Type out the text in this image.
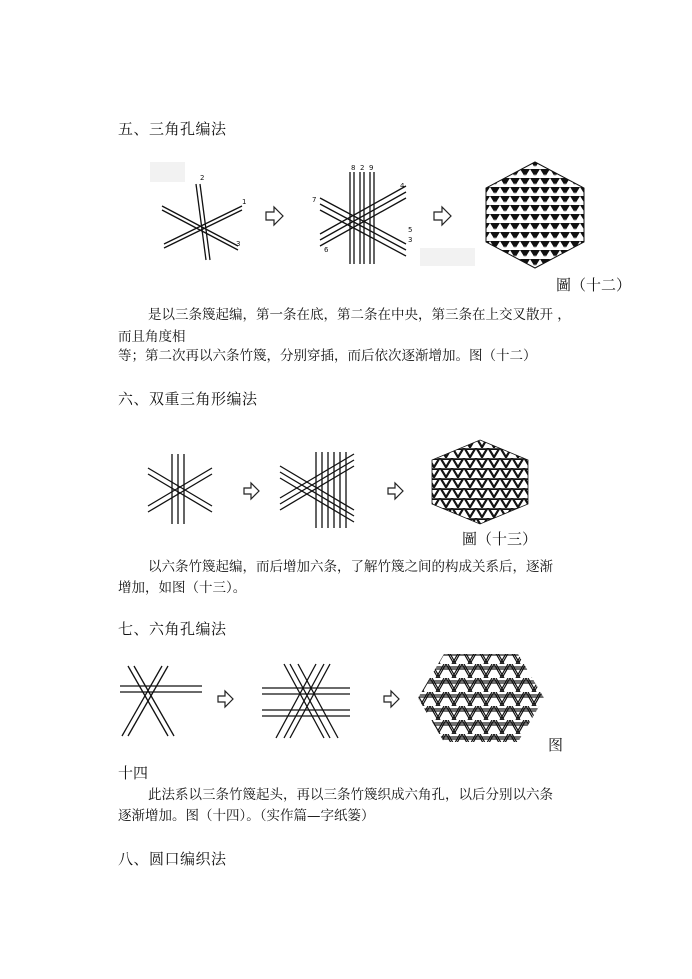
五、三角孔编法
2
1
3
8 2 9
4
7
5
3
6
圖（十二）
是以三条篾起编，第一条在底，第二条在中央，第三条在上交叉散开 ，
而且角度相
等；第二次再以六条竹篾，分别穿插，而后依次逐渐增加。图（十二）
六、双重三角形编法
圖（十三）
以六条竹篾起编，而后增加六条，了解竹篾之间的构成关系后，逐渐
增加，如图（十三）。
七、六角孔编法
图
十四
此法系以三条竹篾起头，再以三条竹篾织成六角孔，以后分别以六条
逐渐增加。图（十四）。（实作篇—字纸篓）
八、圆口编织法
